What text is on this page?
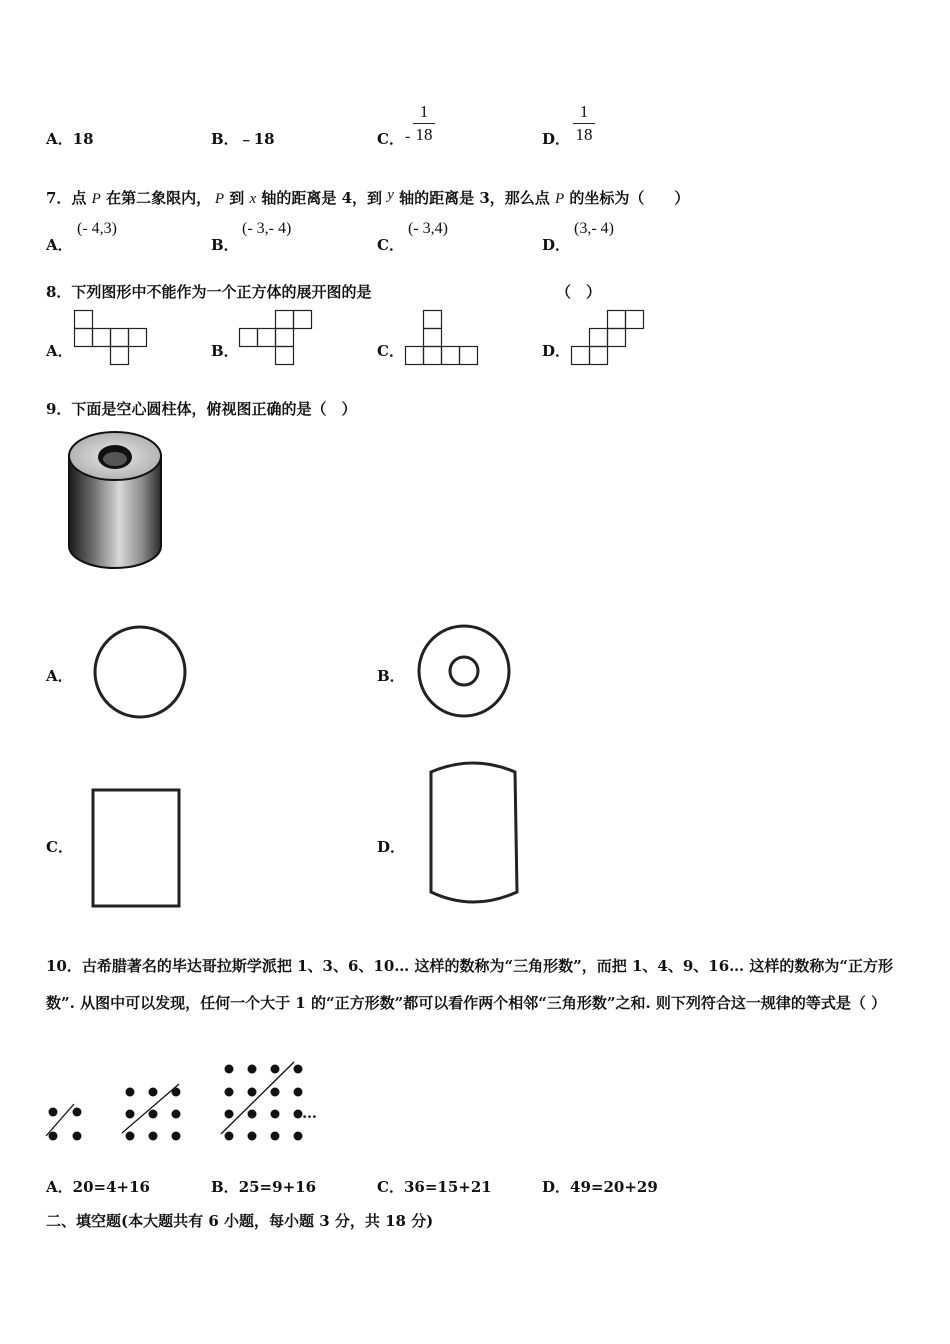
A．18	B．﹣18	C． -
1
18	D．
1
18
7．点 P 在第二象限内， P 到 x 轴的距离是 4，到 y 轴的距离是 3，那么点 P 的坐标为（　　）
A．
(- 4,3)
B．
(- 3,- 4)
C．
(- 3,4)
D．
(3,- 4)
8．下列图形中不能作为一个正方体的展开图的是	（　）
A．	B．	C．	D．
9．下面是空心圆柱体，俯视图正确的是（　）
A．	B．
C．	D．
10．古希腊著名的毕达哥拉斯学派把 1、3、6、10… 这样的数称为“三角形数”，而把 1、4、9、16… 这样的数称为“正方形数”. 从图中可以发现，任何一个大于 1 的“正方形数”都可以看作两个相邻“三角形数”之和. 则下列符合这一规律的等式是（ ）
…
A．20=4+16	B．25=9+16	C．36=15+21	D．49=20+29
二、填空题(本大题共有 6 小题，每小题 3 分，共 18 分)
